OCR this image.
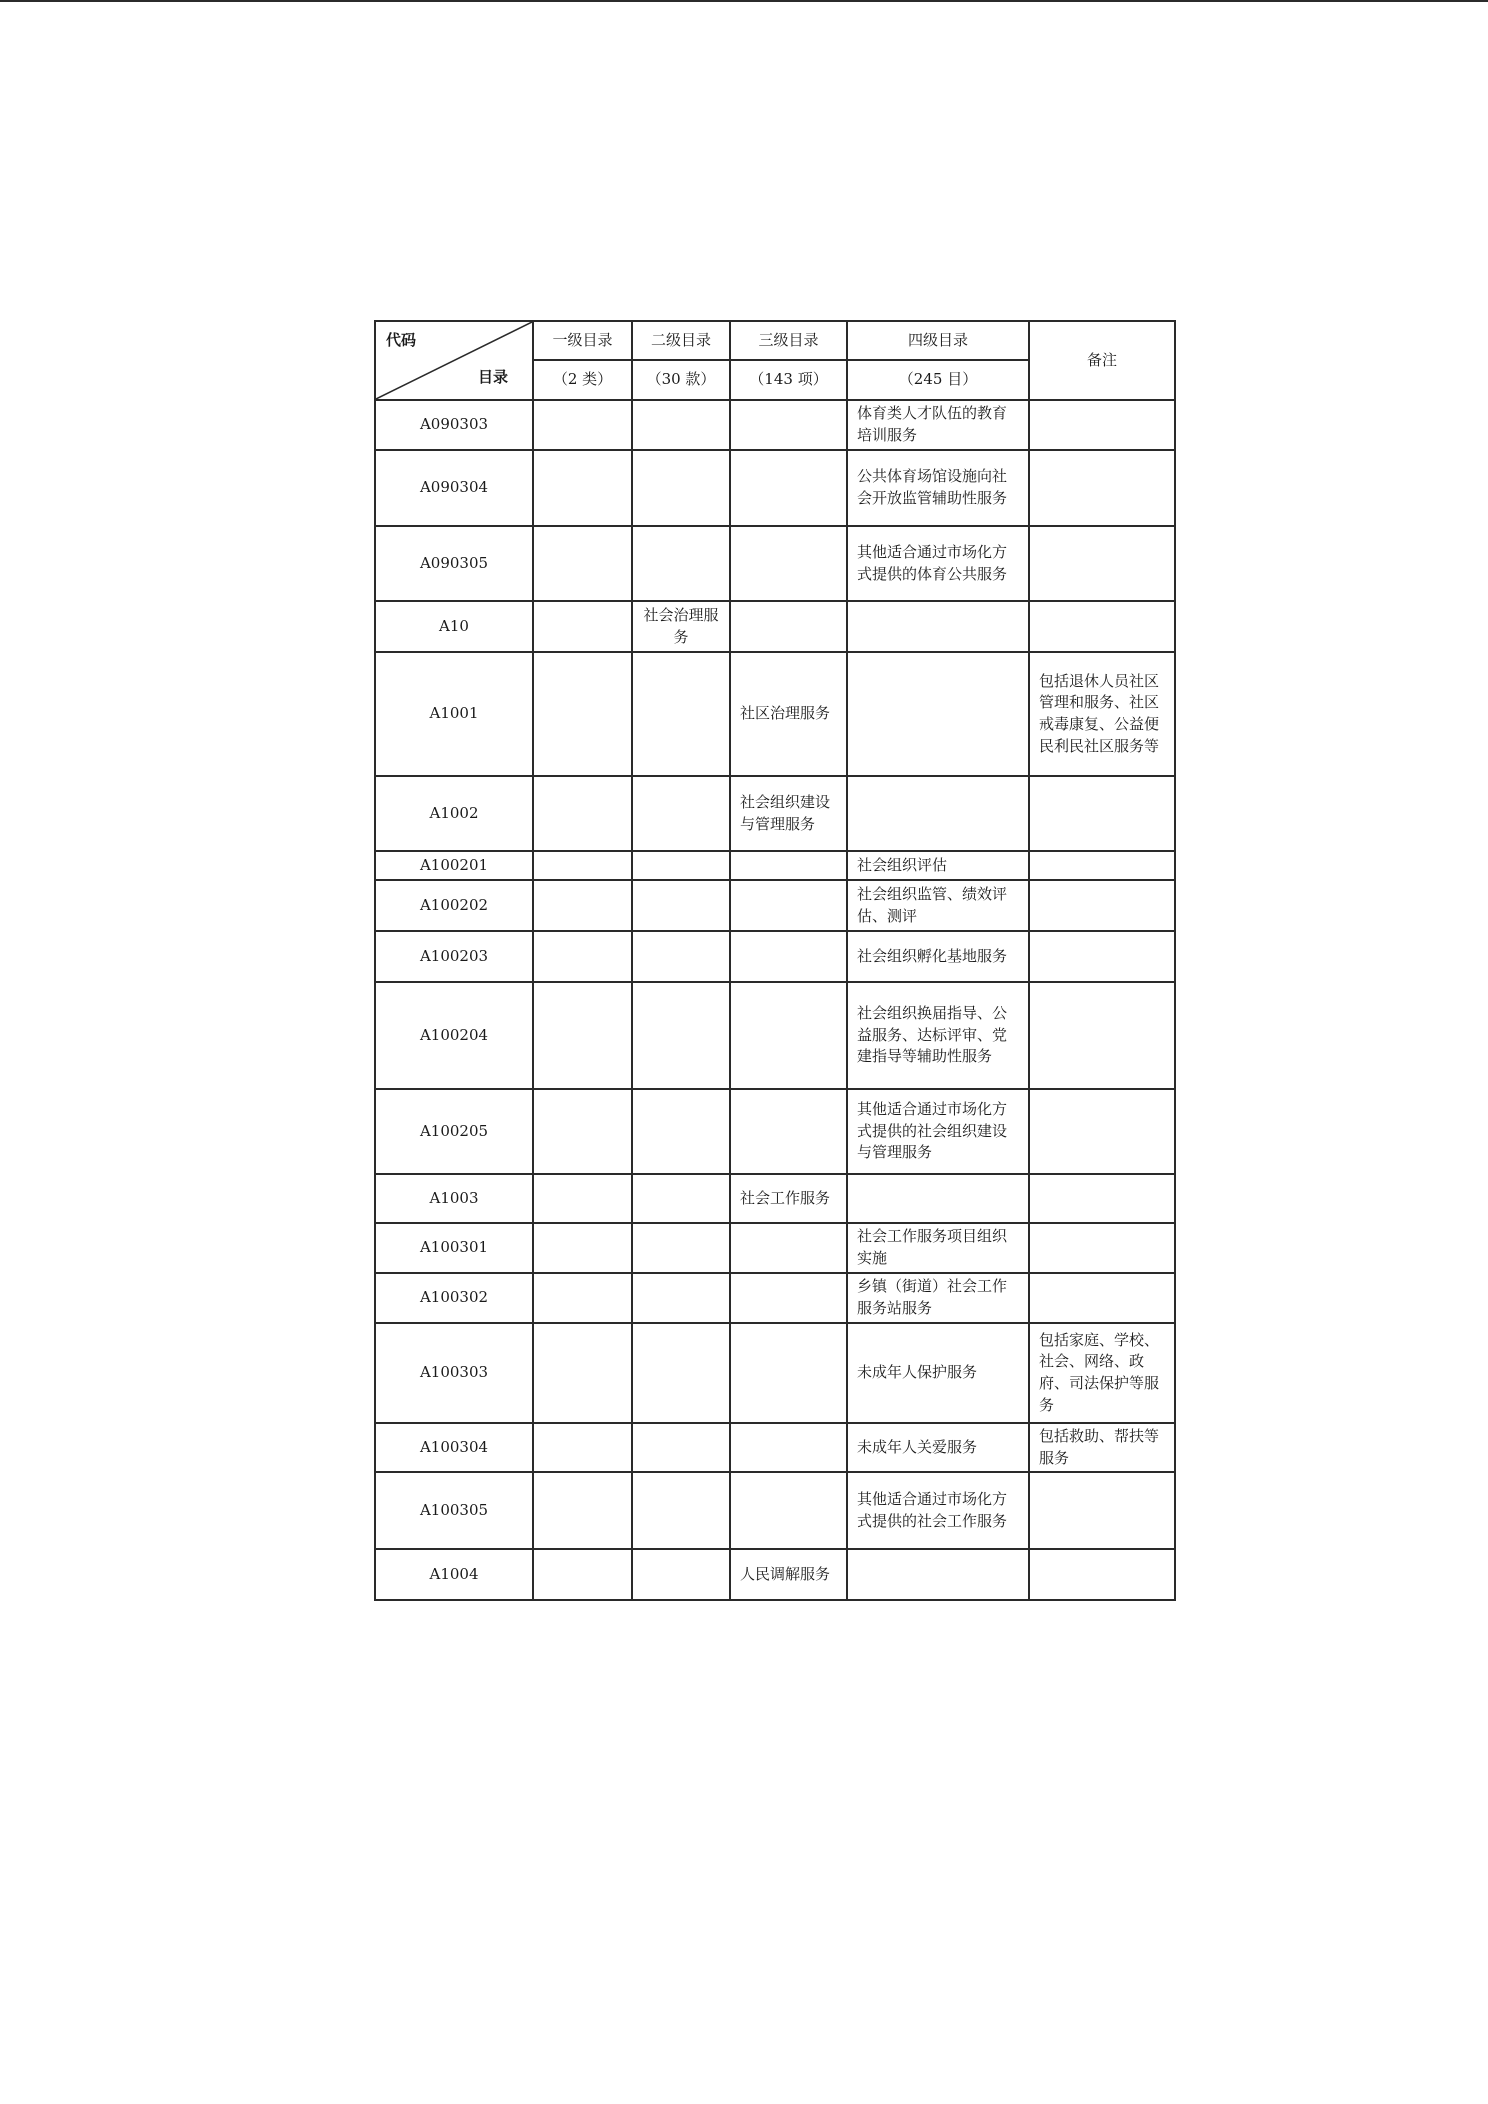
代码
目录	一级目录	二级目录	三级目录	四级目录	备注
	（2 类）	（30 款）	（143 项）	（245 目）	
A090303				体育类人才队伍的教育培训服务	
A090304				公共体育场馆设施向社会开放监管辅助性服务	
A090305				其他适合通过市场化方式提供的体育公共服务	
A10		社会治理服务			
A1001			社区治理服务		包括退休人员社区管理和服务、社区戒毒康复、公益便民利民社区服务等
A1002			社会组织建设与管理服务		
A100201				社会组织评估	
A100202				社会组织监管、绩效评估、测评	
A100203				社会组织孵化基地服务	
A100204				社会组织换届指导、公益服务、达标评审、党建指导等辅助性服务	
A100205				其他适合通过市场化方式提供的社会组织建设与管理服务	
A1003			社会工作服务		
A100301				社会工作服务项目组织实施	
A100302				乡镇（街道）社会工作服务站服务	
A100303				未成年人保护服务	包括家庭、学校、社会、网络、政府、司法保护等服务
A100304				未成年人关爱服务	包括救助、帮扶等服务
A100305				其他适合通过市场化方式提供的社会工作服务	
A1004			人民调解服务		
